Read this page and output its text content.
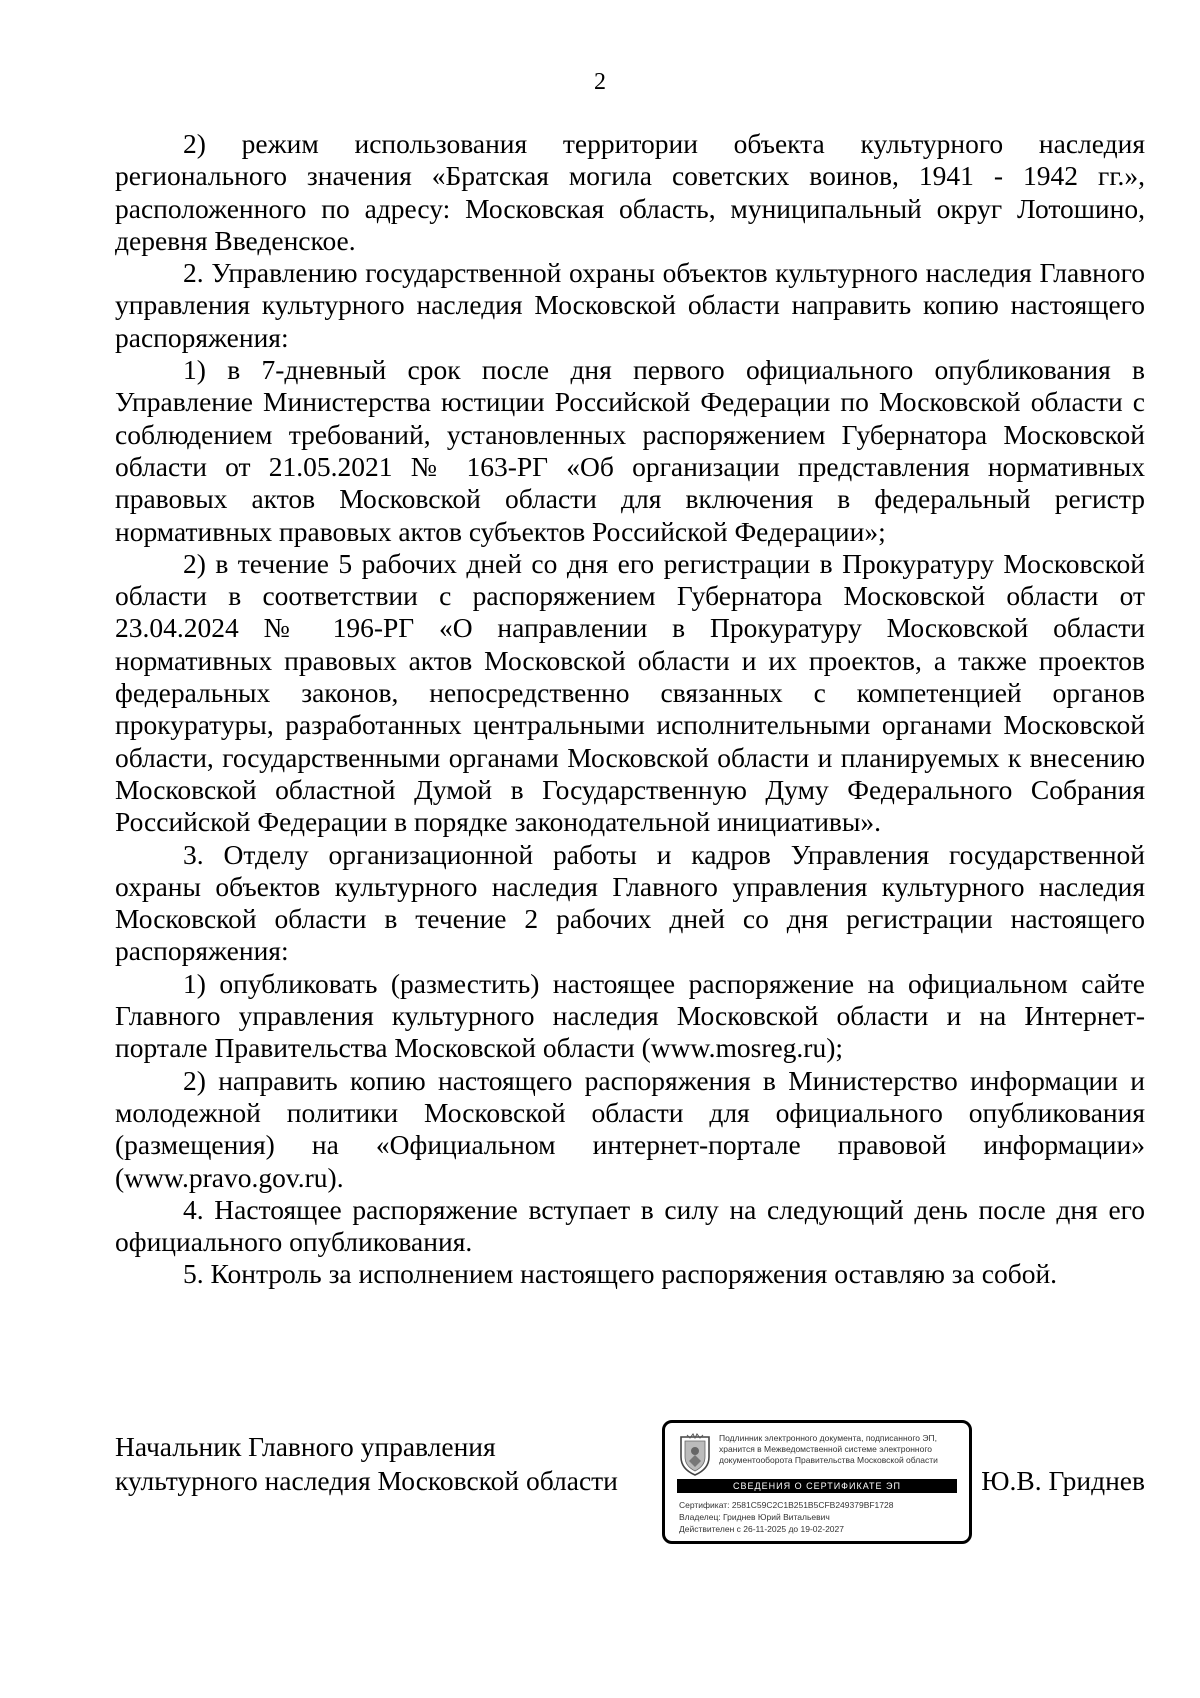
2

2) режим использования территории объекта культурного наследия регионального значения «Братская могила советских воинов, 1941 - 1942 гг.», расположенного по адресу: Московская область, муниципальный округ Лотошино, деревня Введенское.

2. Управлению государственной охраны объектов культурного наследия Главного управления культурного наследия Московской области направить копию настоящего распоряжения:

1) в 7-дневный срок после дня первого официального опубликования в Управление Министерства юстиции Российской Федерации по Московской области с соблюдением требований, установленных распоряжением Губернатора Московской области от 21.05.2021 № 163-РГ «Об организации представления нормативных правовых актов Московской области для включения в федеральный регистр нормативных правовых актов субъектов Российской Федерации»;

2) в течение 5 рабочих дней со дня его регистрации в Прокуратуру Московской области в соответствии с распоряжением Губернатора Московской области от 23.04.2024 № 196-РГ «О направлении в Прокуратуру Московской области нормативных правовых актов Московской области и их проектов, а также проектов федеральных законов, непосредственно связанных с компетенцией органов прокуратуры, разработанных центральными исполнительными органами Московской области, государственными органами Московской области и планируемых к внесению Московской областной Думой в Государственную Думу Федерального Собрания Российской Федерации в порядке законодательной инициативы».

3. Отделу организационной работы и кадров Управления государственной охраны объектов культурного наследия Главного управления культурного наследия Московской области в течение 2 рабочих дней со дня регистрации настоящего распоряжения:

1) опубликовать (разместить) настоящее распоряжение на официальном сайте Главного управления культурного наследия Московской области и на Интернет-портале Правительства Московской области (www.mosreg.ru);

2) направить копию настоящего распоряжения в Министерство информации и молодежной политики Московской области для официального опубликования (размещения) на «Официальном интернет-портале правовой информации» (www.pravo.gov.ru).

4. Настоящее распоряжение вступает в силу на следующий день после дня его официального опубликования.

5. Контроль за исполнением настоящего распоряжения оставляю за собой.

Начальник Главного управления
культурного наследия Московской области
Подлинник электронного документа, подписанного ЭП,
хранится в Межведомственной системе электронного
документооборота Правительства Московской области
СВЕДЕНИЯ О СЕРТИФИКАТЕ ЭП
Сертификат: 2581C59C2C1B251B5CFB249379BF1728
Владелец: Гриднев Юрий Витальевич
Действителен с 26-11-2025 до 19-02-2027
Ю.В. Гриднев
